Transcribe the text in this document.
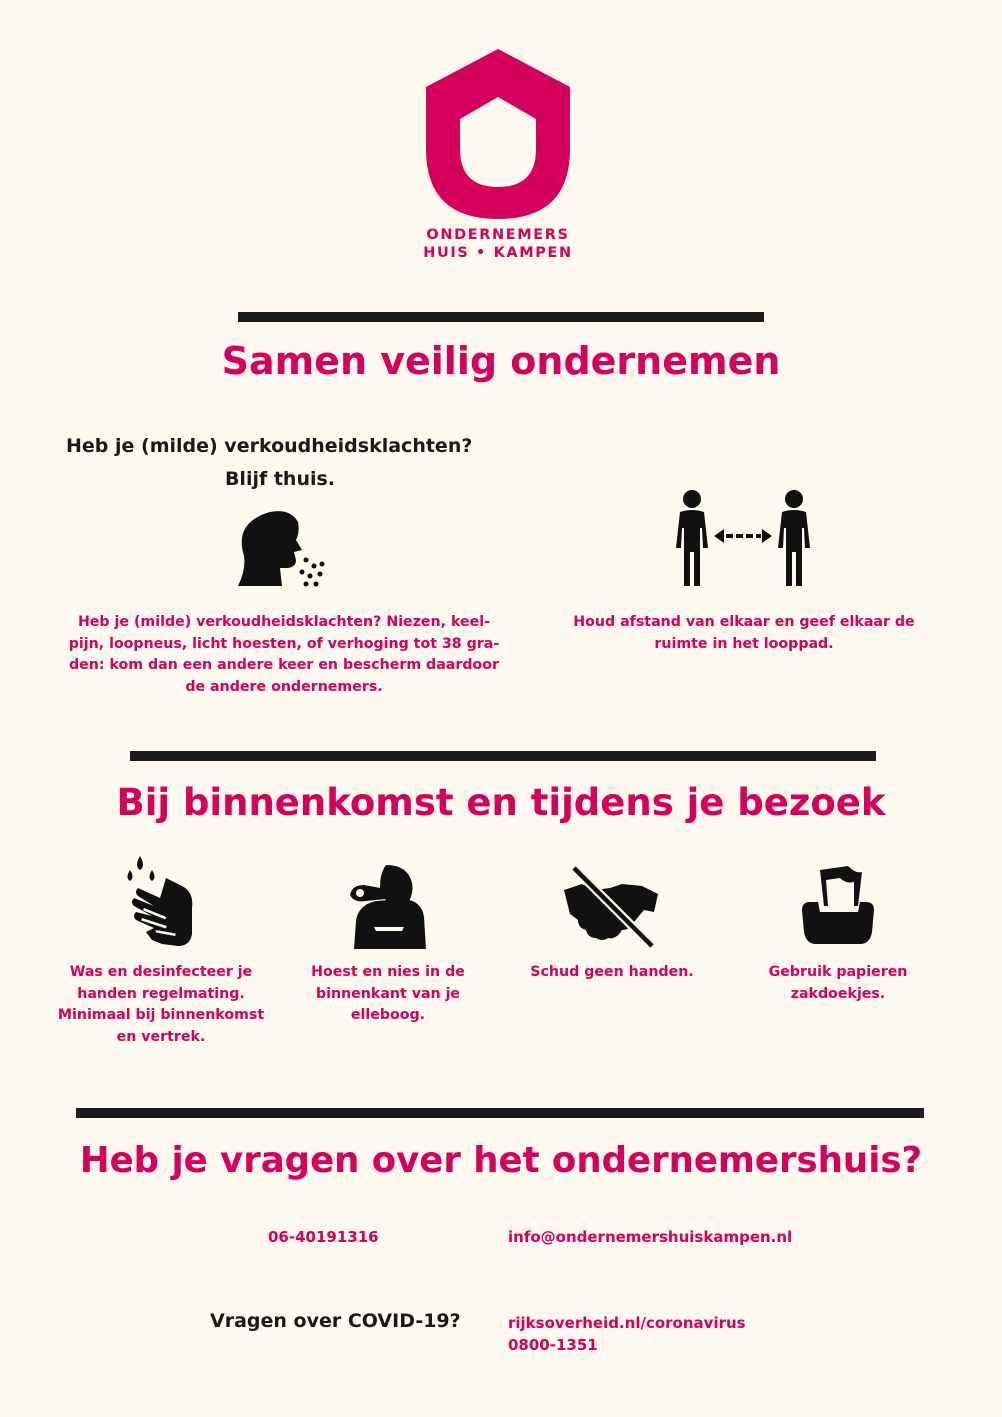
ONDERNEMERS
HUIS • KAMPEN
Samen veilig ondernemen
Heb je (milde) verkoudheidsklachten?
Blijf thuis.
Heb je (milde) verkoudheidsklachten? Niezen, keel-pijn, loopneus, licht hoesten, of verhoging tot 38 gra-den: kom dan een andere keer en bescherm daardoor de andere ondernemers.
Houd afstand van elkaar en geef elkaar de ruimte in het looppad.
Bij binnenkomst en tijdens je bezoek
Was en desinfecteer je handen regelmating. Minimaal bij binnenkomst en vertrek.
Hoest en nies in de binnenkant van je elleboog.
Schud geen handen.	Gebruik papieren zakdoekjes.
Heb je vragen over het ondernemershuis?
06-40191316	info@ondernemershuiskampen.nl
Vragen over COVID-19?	rijksoverheid.nl/coronavirus
0800-1351
